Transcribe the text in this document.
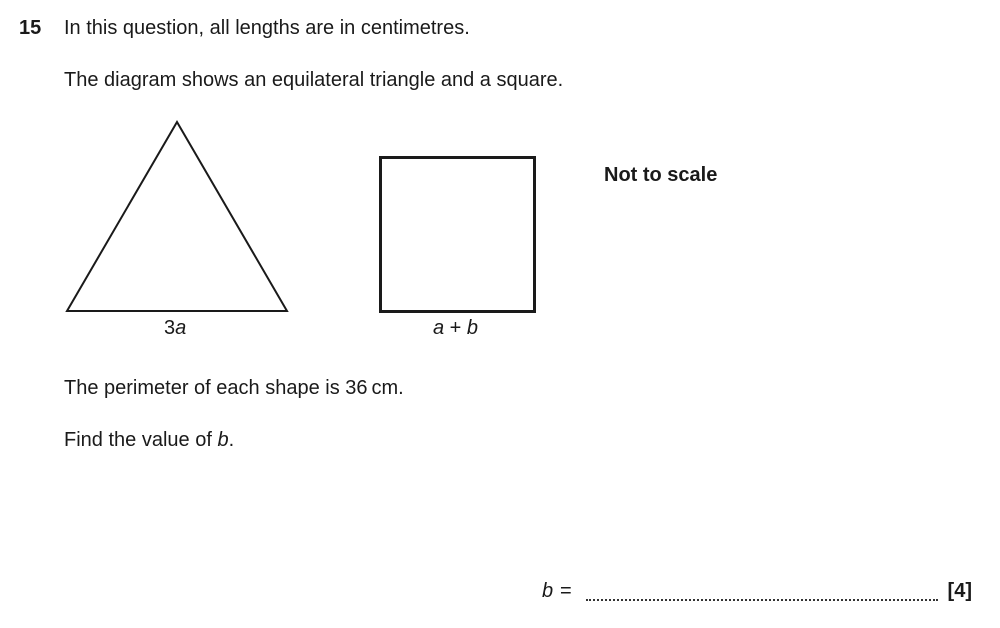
15 In this question, all lengths are in centimetres.
The diagram shows an equilateral triangle and a square.
3a	a + b
Not to scale
The perimeter of each shape is 36 cm.
Find the value of b.
b =	[4]
